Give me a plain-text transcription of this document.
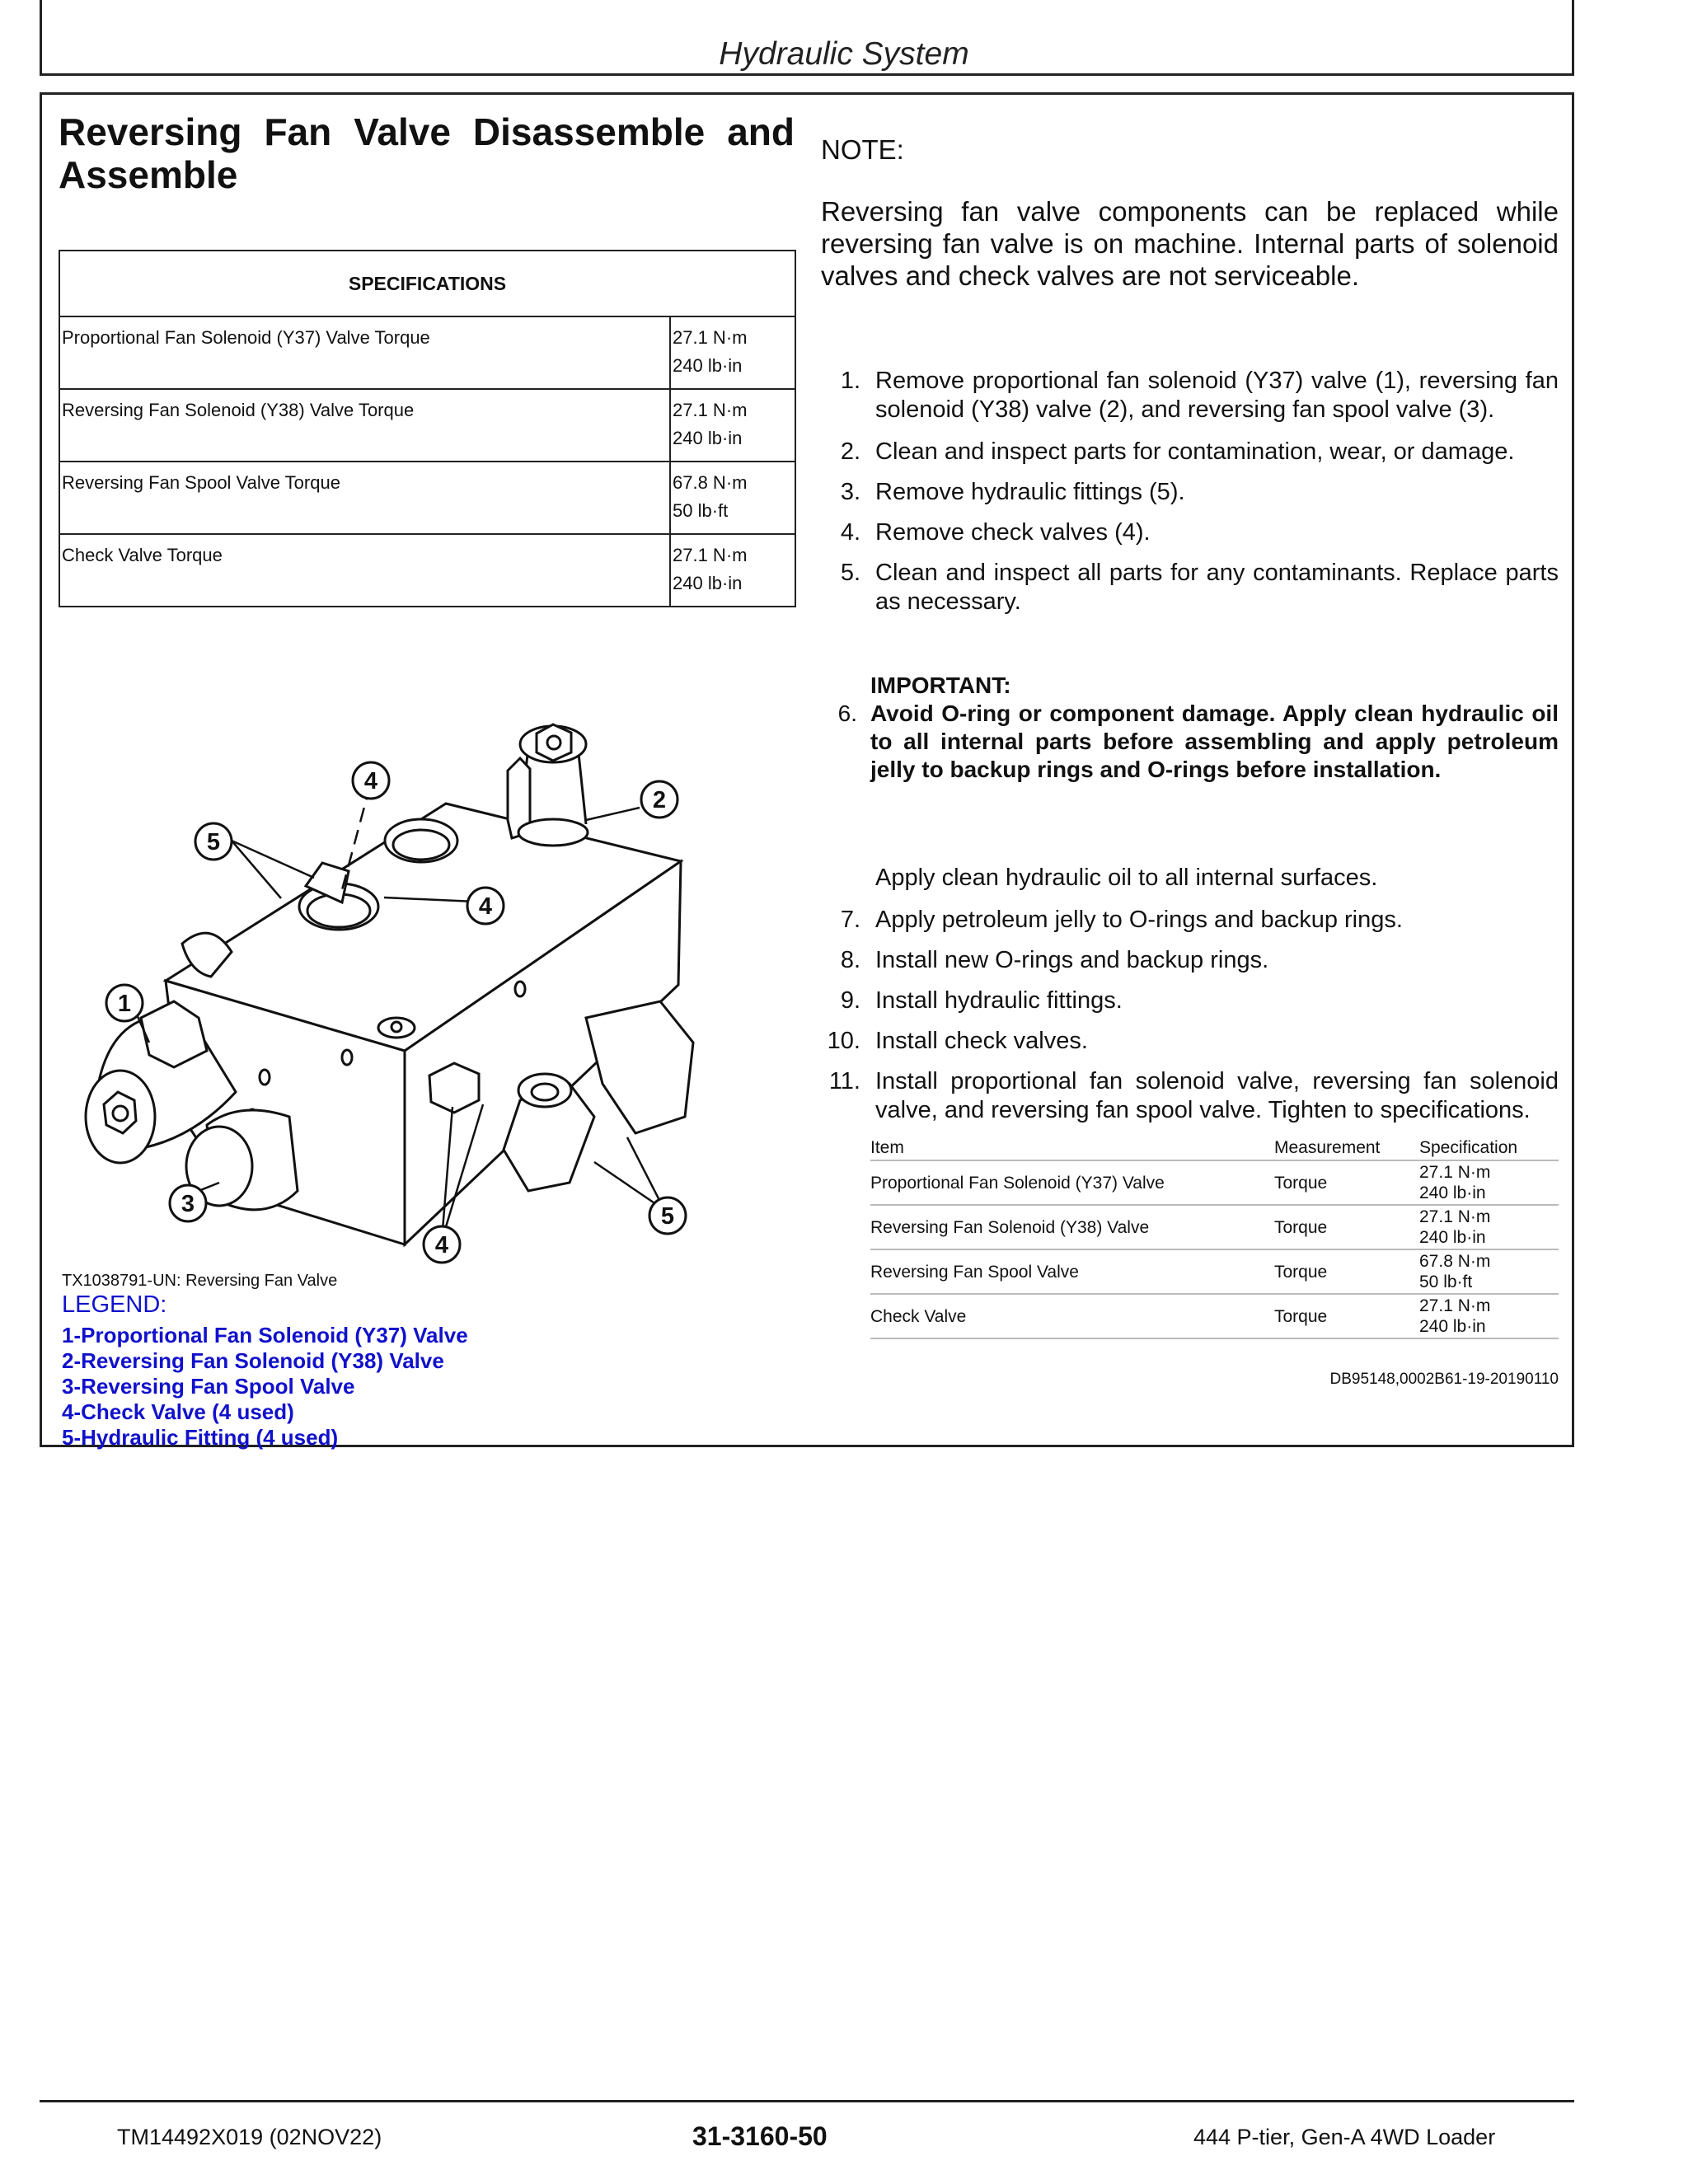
Hydraulic System
Reversing Fan Valve Disassemble and Assemble
SPECIFICATIONS	
Proportional Fan Solenoid (Y37) Valve Torque	27.1 N·m
240 lb·in

Reversing Fan Solenoid (Y38) Valve Torque	27.1 N·m
240 lb·in

Reversing Fan Spool Valve Torque	67.8 N·m
50 lb·ft

Check Valve Torque	27.1 N·m
240 lb·in
4
2
5
4
1
3
4
5
TX1038791-UN: Reversing Fan Valve
LEGEND:
1-Proportional Fan Solenoid (Y37) Valve
2-Reversing Fan Solenoid (Y38) Valve
3-Reversing Fan Spool Valve
4-Check Valve (4 used)
5-Hydraulic Fitting (4 used)

NOTE:

Reversing fan valve components can be replaced while reversing fan valve is on machine. Internal parts of solenoid valves and check valves are not serviceable.

1. Remove proportional fan solenoid (Y37) valve (1), reversing fan solenoid (Y38) valve (2), and reversing fan spool valve (3).
2. Clean and inspect parts for contamination, wear, or damage.
3. Remove hydraulic fittings (5).
4. Remove check valves (4).
5. Clean and inspect all parts for any contaminants. Replace parts as necessary.
IMPORTANT:
6. Avoid O-ring or component damage. Apply clean hydraulic oil to all internal parts before assembling and apply petroleum jelly to backup rings and O-rings before installation.
Apply clean hydraulic oil to all internal surfaces.
7. Apply petroleum jelly to O-rings and backup rings.
8. Install new O-rings and backup rings.
9. Install hydraulic fittings.
10. Install check valves.
11. Install proportional fan solenoid valve, reversing fan solenoid valve, and reversing fan spool valve. Tighten to specifications.
Item	Measurement	Specification
Proportional Fan Solenoid (Y37) Valve	Torque	27.1 N·m
240 lb·in

Reversing Fan Solenoid (Y38) Valve	Torque	27.1 N·m
240 lb·in

Reversing Fan Spool Valve	Torque	67.8 N·m
50 lb·ft

Check Valve	Torque	27.1 N·m
240 lb·in
DB95148,0002B61-19-20190110
TM14492X019 (02NOV22)	31-3160-50	444 P-tier, Gen-A 4WD Loader
